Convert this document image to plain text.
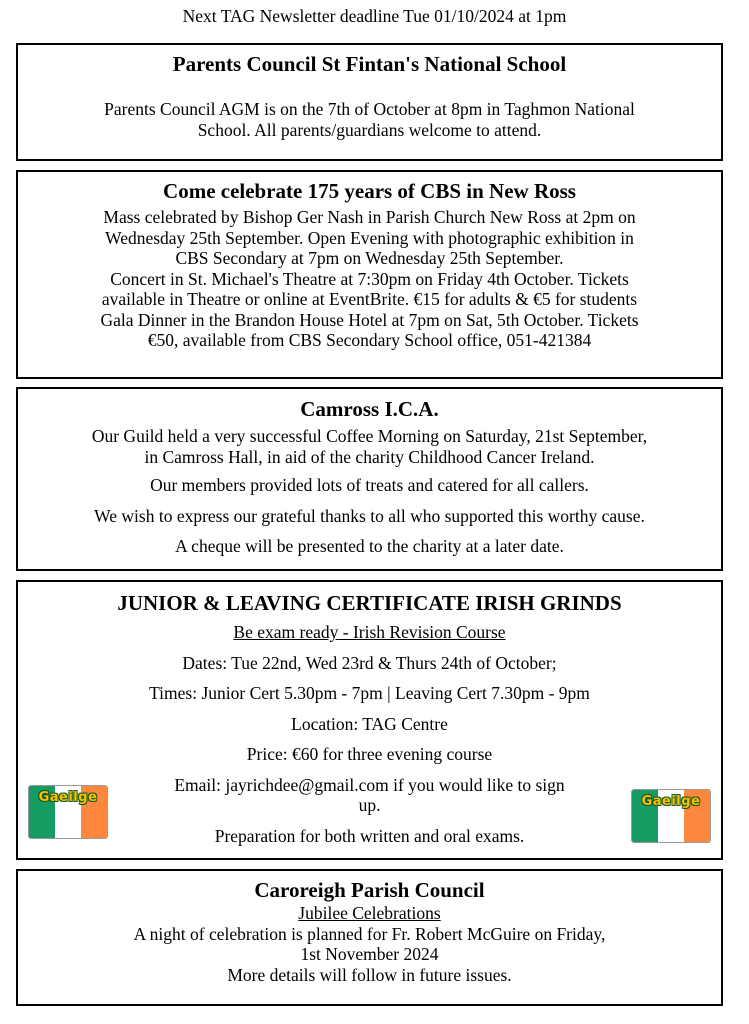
Next TAG Newsletter deadline Tue 01/10/2024 at 1pm
Parents Council St Fintan's National School
Parents Council AGM is on the 7th of October at 8pm in Taghmon National
School. All parents/guardians welcome to attend.
Come celebrate 175 years of CBS in New Ross
Mass celebrated by Bishop Ger Nash in Parish Church New Ross at 2pm on
Wednesday 25th September. Open Evening with photographic exhibition in
CBS Secondary at 7pm on Wednesday 25th September.
Concert in St. Michael's Theatre at 7:30pm on Friday 4th October. Tickets
available in Theatre or online at EventBrite. €15 for adults & €5 for students
Gala Dinner in the Brandon House Hotel at 7pm on Sat, 5th October. Tickets
€50, available from CBS Secondary School office, 051-421384
Camross I.C.A.
Our Guild held a very successful Coffee Morning on Saturday, 21st September,
in Camross Hall, in aid of the charity Childhood Cancer Ireland.
Our members provided lots of treats and catered for all callers.
We wish to express our grateful thanks to all who supported this worthy cause.
A cheque will be presented to the charity at a later date.
JUNIOR & LEAVING CERTIFICATE IRISH GRINDS
Be exam ready - Irish Revision Course
Dates: Tue 22nd, Wed 23rd & Thurs 24th of October;
Times: Junior Cert 5.30pm - 7pm | Leaving Cert 7.30pm - 9pm
Location: TAG Centre
Price: €60 for three evening course
Email: jayrichdee@gmail.com if you would like to sign
up.
Preparation for both written and oral exams.
Gaeilge	Gaeilge
Caroreigh Parish Council
Jubilee Celebrations
A night of celebration is planned for Fr. Robert McGuire on Friday,
1st November 2024
More details will follow in future issues.
